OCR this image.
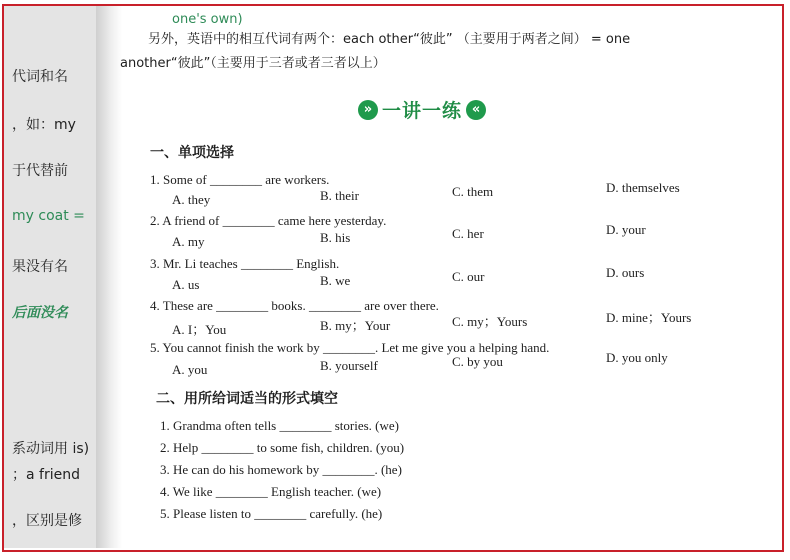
代词和名
，如：my
于代替前
my coat =
果没有名
后面没名
系动词用 is)
；a friend
，区别是修
one's own)
另外，英语中的相互代词有两个：each other“彼此” （主要用于两者之间） = one
another“彼此”（主要用于三者或者三者以上）
» 一讲一练 «
一、单项选择
1. Some of ________ are workers.
A. they	B. their	C. them	D. themselves
2. A friend of ________ came here yesterday.
A. my	B. his	C. her	D. your
3. Mr. Li teaches ________ English.
A. us	B. we	C. our	D. ours
4. These are ________ books. ________ are over there.
A. I；You	B. my；Your	C. my；Yours	D. mine；Yours
5. You cannot finish the work by ________. Let me give you a helping hand.
A. you	B. yourself	C. by you	D. you only
二、用所给词适当的形式填空
1. Grandma often tells ________ stories. (we)
2. Help ________ to some fish, children. (you)
3. He can do his homework by ________. (he)
4. We like ________ English teacher. (we)
5. Please listen to ________ carefully. (he)
